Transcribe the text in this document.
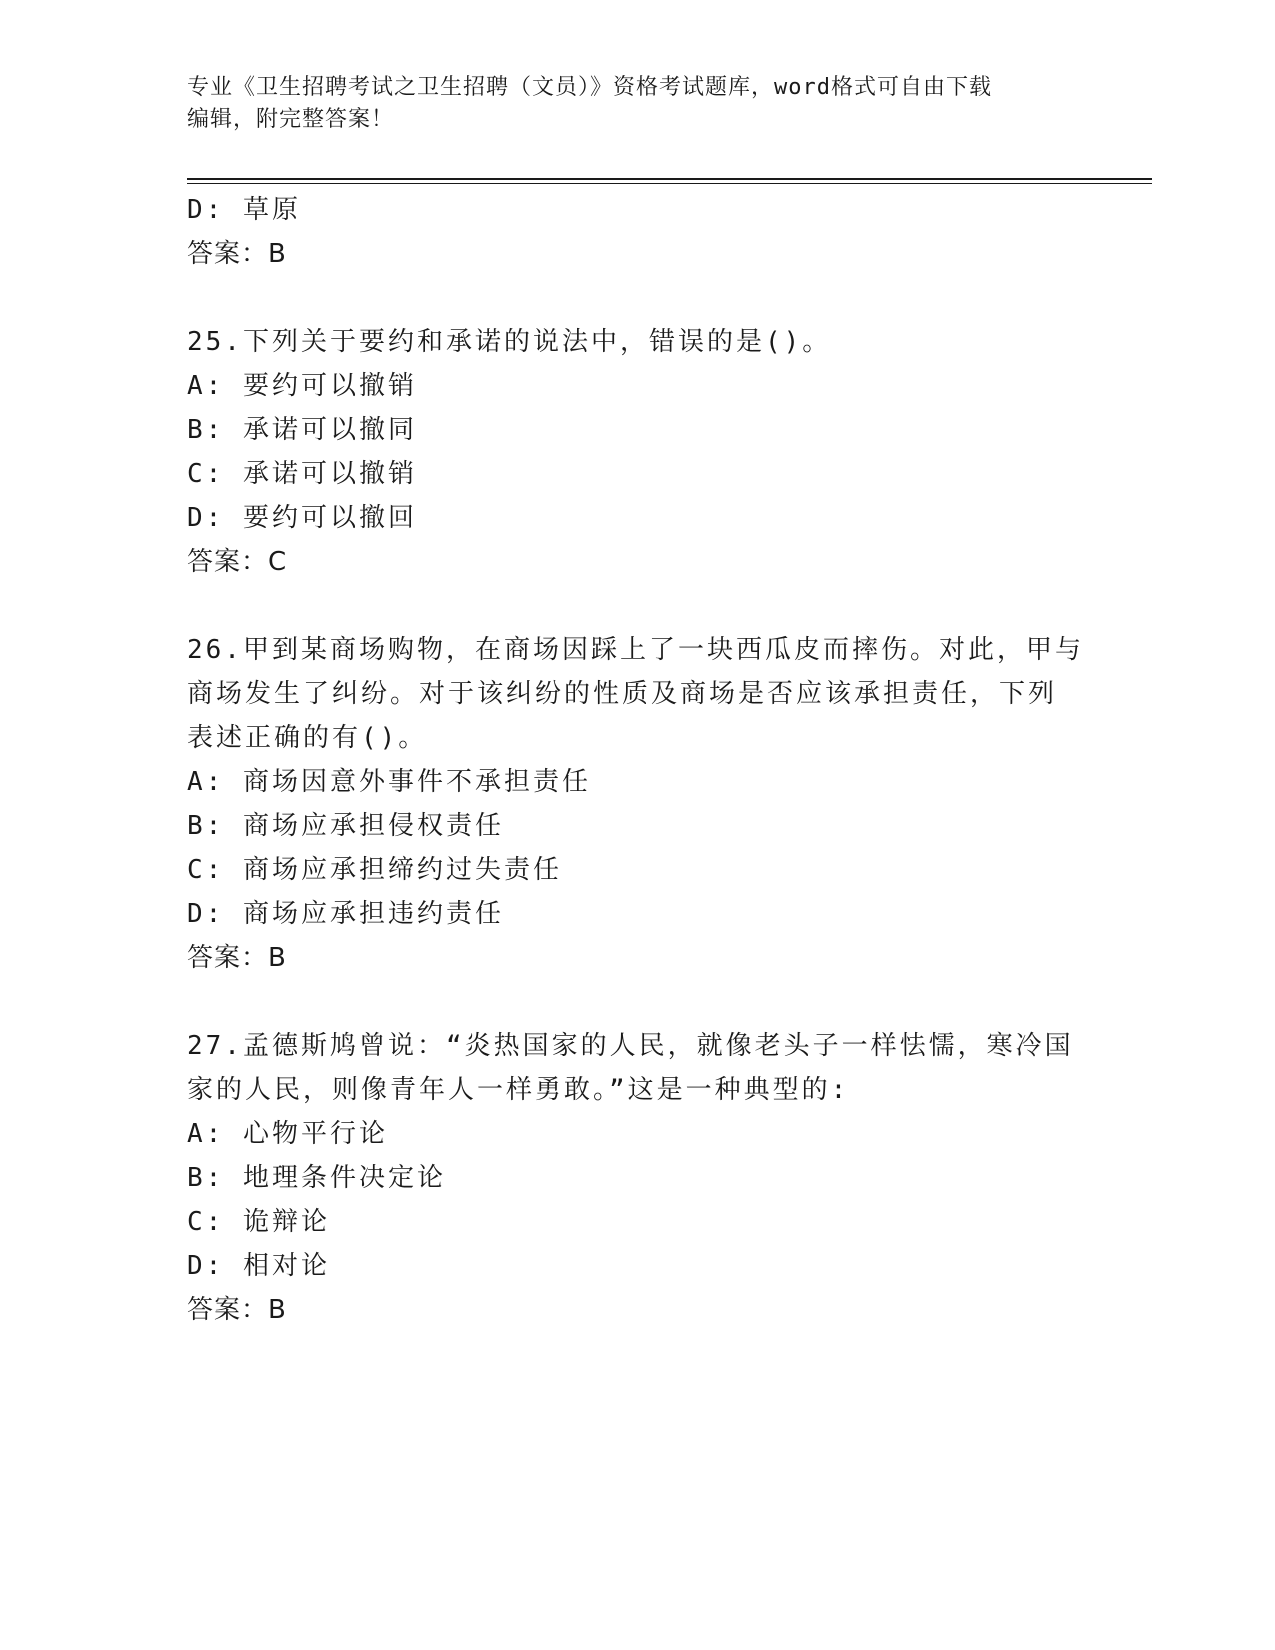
专业《卫生招聘考试之卫生招聘（文员）》资格考试题库，word格式可自由下载
编辑，附完整答案！
D: 草原
答案：B
25.下列关于要约和承诺的说法中，错误的是()。
A: 要约可以撤销
B: 承诺可以撤同
C: 承诺可以撤销
D: 要约可以撤回
答案：C
26.甲到某商场购物，在商场因踩上了一块西瓜皮而摔伤。对此，甲与
商场发生了纠纷。对于该纠纷的性质及商场是否应该承担责任，下列
表述正确的有()。
A: 商场因意外事件不承担责任
B: 商场应承担侵权责任
C: 商场应承担缔约过失责任
D: 商场应承担违约责任
答案：B
27.孟德斯鸠曾说：“炎热国家的人民，就像老头子一样怯懦，寒冷国
家的人民，则像青年人一样勇敢。”这是一种典型的:
A: 心物平行论
B: 地理条件决定论
C: 诡辩论
D: 相对论
答案：B
